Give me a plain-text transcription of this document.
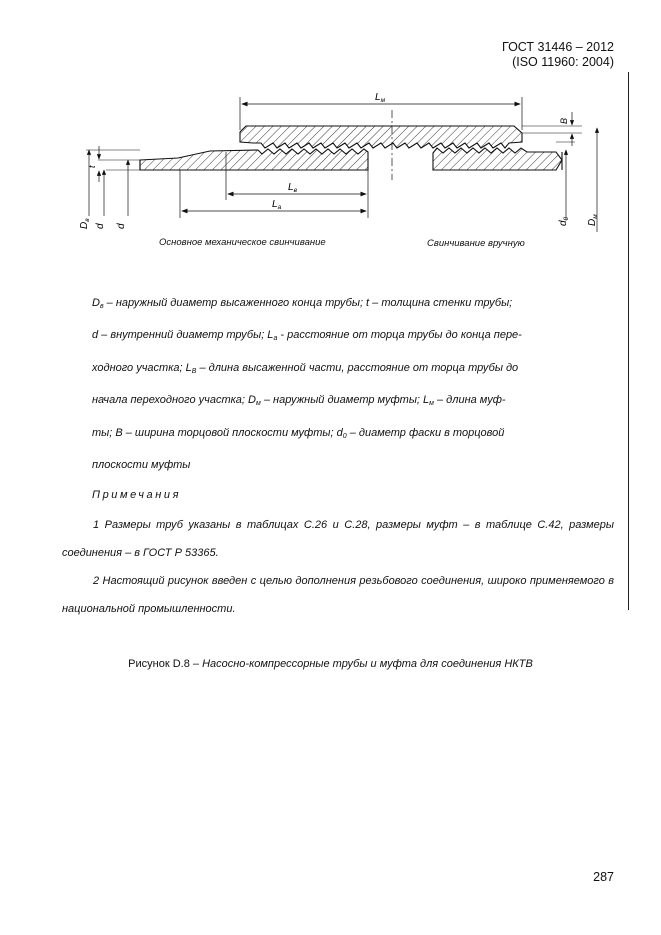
ГОСТ 31446 – 2012
(ISO 11960: 2004)
$L_м$
B
$d_0$
$D_м$
t
$D_в$
d d
$L_в$
$L_а$
Основное механическое свинчивание	Свинчивание вручную
$D_в$ – наружный диаметр высаженного конца трубы; t – толщина стенки трубы;
d – внутренний диаметр трубы; $L_а$ - расстояние от торца трубы до конца пере-
ходного участка; $L_В$ – длина высаженной части, расстояние от торца трубы до
начала переходного участка; $D_м$ – наружный диаметр муфты; $L_м$ – длина муф-
ты; B – ширина торцовой плоскости муфты; $d_0$ – диаметр фаски в торцовой
плоскости муфты
Примечания
1 Размеры труб указаны в таблицах С.26 и С.28, размеры муфт – в таблице С.42, размеры соединения – в ГОСТ Р 53365.
2 Настоящий рисунок введен с целью дополнения резьбового соединения, широко применяемого в национальной промышленности.
Рисунок D.8 – Насосно-компрессорные трубы и муфта для соединения НКТВ
287
